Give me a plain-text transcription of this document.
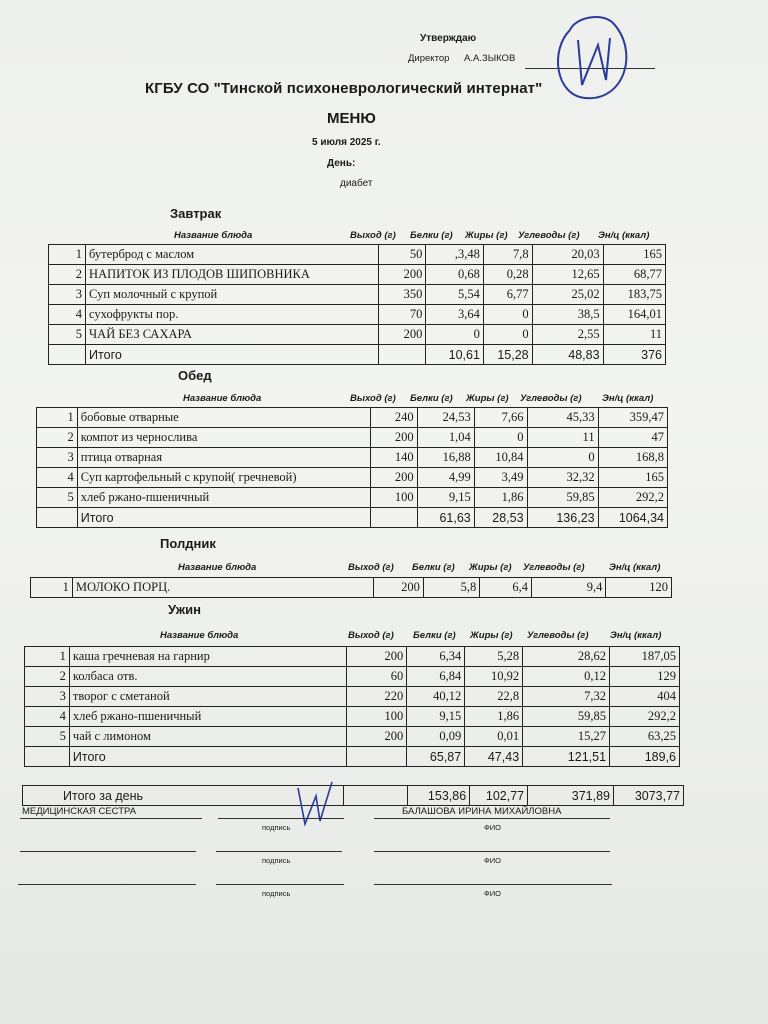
Утверждаю
Директор А.А.ЗЫКОВ
КГБУ СО "Тинской психоневрологический интернат"
МЕНЮ
5 июля 2025 г.
День:
диабет
Завтрак
Название блюда	Выход (г) Белки (г) Жиры (г) Углеводы (г) Эн/ц (ккал)
1	бутерброд с маслом	50	,3,48	7,8	20,03	165
2	НАПИТОК ИЗ ПЛОДОВ ШИПОВНИКА	200	0,68	0,28	12,65	68,77
3	Суп молочный с крупой	350	5,54	6,77	25,02	183,75
4	сухофрукты пор.	70	3,64	0	38,5	164,01
5	ЧАЙ БЕЗ САХАРА	200	0	0	2,55	11
	Итого		10,61	15,28	48,83	376
Обед
Название блюда	Выход (г) Белки (г) Жиры (г) Углеводы (г) Эн/ц (ккал)
1	бобовые отварные	240	24,53	7,66	45,33	359,47
2	компот из чернослива	200	1,04	0	11	47
3	птица отварная	140	16,88	10,84	0	168,8
4	Суп картофельный с крупой( гречневой)	200	4,99	3,49	32,32	165
5	хлеб ржано-пшеничный	100	9,15	1,86	59,85	292,2
	Итого		61,63	28,53	136,23	1064,34
Полдник
Название блюда	Выход (г) Белки (г) Жиры (г) Углеводы (г)	Эн/ц (ккал)
1	МОЛОКО ПОРЦ.	200	5,8	6,4	9,4	120
Ужин
Название блюда	Выход (г) Белки (г) Жиры (г) Углеводы (г) Эн/ц (ккал)
1	каша гречневая на гарнир	200	6,34	5,28	28,62	187,05
2	колбаса отв.	60	6,84	10,92	0,12	129
3	творог с сметаной	220	40,12	22,8	7,32	404
4	хлеб ржано-пшеничный	100	9,15	1,86	59,85	292,2
5	чай с лимоном	200	0,09	0,01	15,27	63,25
	Итого		65,87	47,43	121,51	189,6
Итого за день		153,86	102,77	371,89	3073,77
МЕДИЦИНСКАЯ СЕСТРА
подпись
БАЛАШОВА ИРИНА МИХАЙЛОВНА
ФИО
подпись	ФИО
подпись	ФИО
